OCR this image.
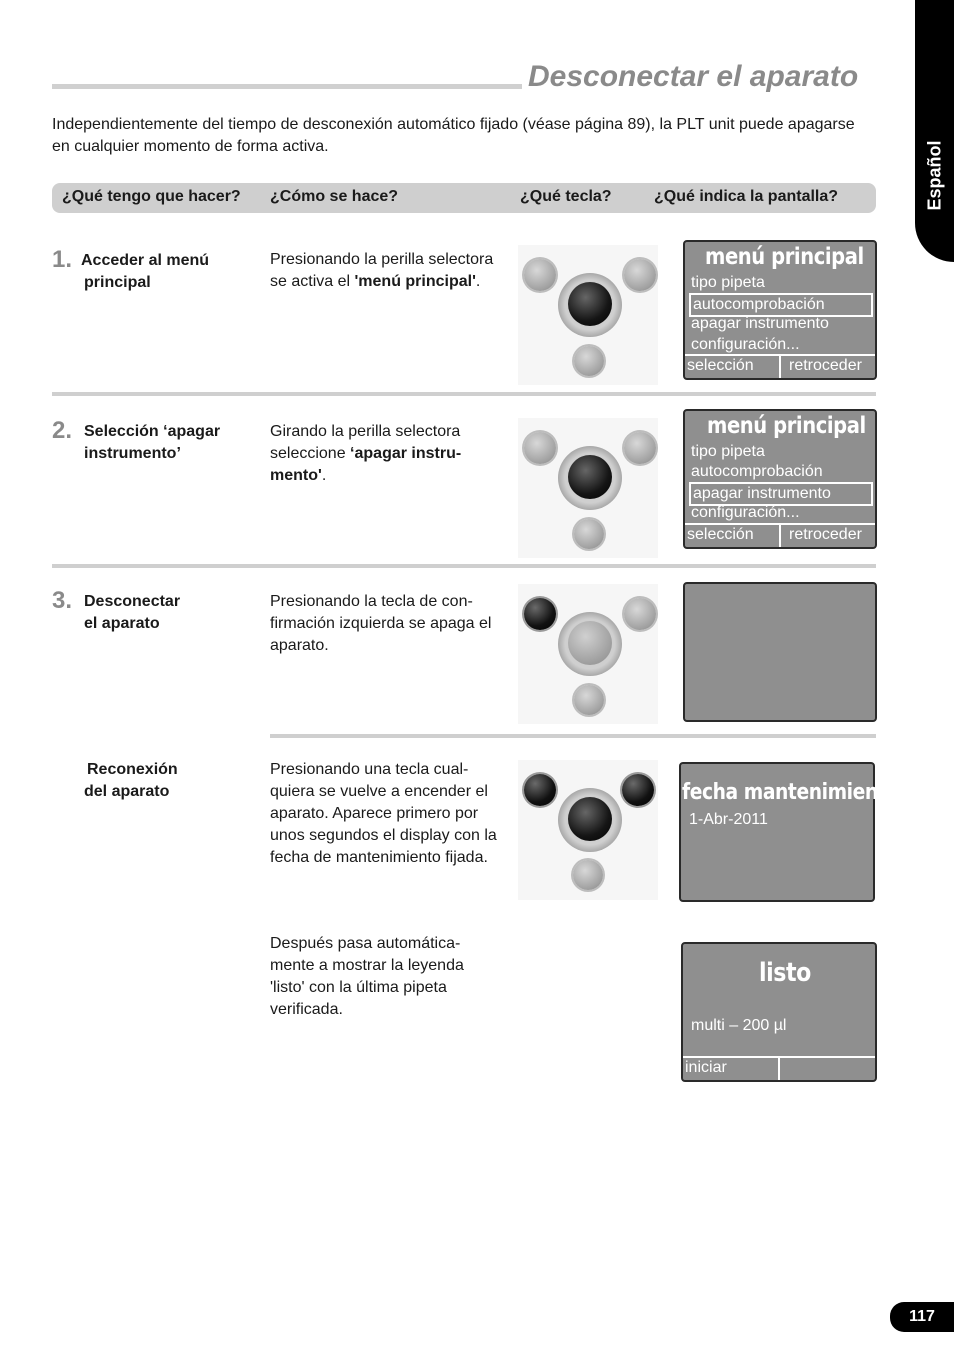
Desconectar el aparato
Español
Independientemente del tiempo de desconexión automático fijado (véase página 89), la PLT unit puede apagarse en cualquier momento de forma activa.
¿Qué tengo que hacer? ¿Cómo se hace?	¿Qué tecla?	¿Qué indica la pantalla?
1. Acceder al menú
principal
Presionando la perilla selectora se activa el 'menú principal'.
menú principal
tipo pipeta
autocomprobación
apagar instrumento
configuración...
selección retroceder
2. Selección ‘apagar
instrumento’
Girando la perilla selectora seleccione ‘apagar instru-mento'.
menú principal
tipo pipeta
autocomprobación
apagar instrumento
configuración...
selección retroceder
3. Desconectar
el aparato
Presionando la tecla de con-firmación izquierda se apaga el aparato.
Reconexión
del aparato
Presionando una tecla cual-quiera se vuelve a encender el aparato. Aparece primero por unos segundos el display con la fecha de mantenimiento fijada.
Después pasa automática-mente a mostrar la leyenda 'listo' con la última pipeta verificada.
fecha mantenimiento
1-Abr-2011
listo
multi – 200 µl
iniciar
117
